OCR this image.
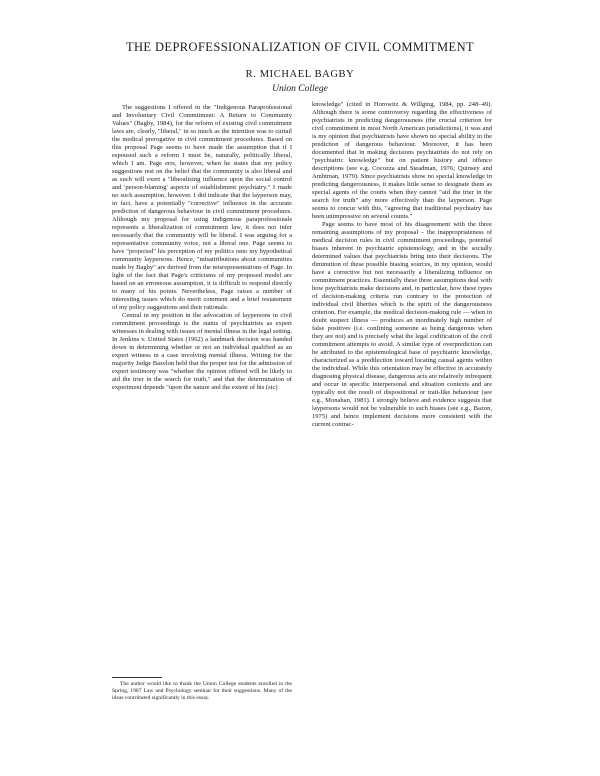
THE DEPROFESSIONALIZATION OF CIVIL COMMITMENT
R. MICHAEL BAGBY
Union College

The suggestions I offered in the "Indigenous Paraprofessional and Involuntary Civil Commitment: A Return to Community Values" (Bagby, 1984), for the reform of existing civil commitment laws are, clearly, "liberal," in so much as the intention was to curtail the medical prerogative in civil commitment procedures. Based on this proposal Page seems to have made the assumption that if I espoused such a reform I must be, naturally, politically liberal, which I am. Page errs, however, when he states that my policy suggestions rest on the belief that the community is also liberal and as such will exert a "liberalizing influence upon the social control and 'person-blaming' aspects of establishment psychiatry." I made no such assumption, however. I did indicate that the layperson may, in fact, have a potentially "corrective" influence in the accurate prediction of dangerous behaviour in civil commitment procedures. Although my proposal for using indigenous paraprofessionals represents a liberalization of commitment law, it does not infer necessarily that the community will be liberal. I was arguing for a representative community voice, not a liberal one. Page seems to have "projected" his perception of my politics onto my hypothetical community laypersons. Hence, "misattributions about communities made by Bagby" are derived from the misrepresentations of Page. In light of the fact that Page's criticisms of my proposed model are based on an erroneous assumption, it is difficult to respond directly to many of his points. Nevertheless, Page raises a number of interesting issues which do merit comment and a brief restatement of my policy suggestions and their rationale.

Central in my position in the advocation of laypersons in civil commitment proceedings is the status of psychiatrists as expert witnesses in dealing with issues of mental illness in the legal setting. In Jenkins v. United States (1962) a landmark decision was handed down in determining whether or not an individual qualified as an expert witness in a case involving mental illness. Writing for the majority Judge Bazelon held that the proper test for the admission of expert testimony was "whether the opinion offered will be likely to aid the trier in the search for truth," and that the determination of experiment depends "upon the nature and the extent of his (sic)

The author would like to thank the Union College students enrolled in the Spring, 1987 Law and Psychology seminar for their suggestions. Many of the ideas contributed significantly in this essay.

knowledge" (cited in Horowitz & Willging, 1984, pp. 248–49). Although there is some controversy regarding the effectiveness of psychiatrists in predicting dangerousness (the crucial criterion for civil commitment in most North American jurisdictions), it was and is my opinion that psychiatrists have shown no special ability in the prediction of dangerous behaviour. Moreover, it has been documented that in making decisions psychiatrists do not rely on "psychiatric knowledge" but on patient history and offence descriptions (see e.g. Cocozza and Steadman, 1976; Quinsey and Ambtman, 1979). Since psychiatrists show no special knowledge in predicting dangerousness, it makes little sense to designate them as special agents of the courts when they cannot "aid the trier in the search for truth" any more effectively than the layperson. Page seems to concur with this, "agreeing that traditional psychiatry has been unimpressive on several counts."

Page seems to have most of his disagreement with the three remaining assumptions of my proposal – the inappropriateness of medical decision rules in civil commitment proceedings, potential biases inherent in psychiatric epistemology, and in the socially determined values that psychiatrists bring into their decisions. The diminution of these possible biasing sources, in my opinion, would have a corrective but not necessarily a liberalizing influence on commitment practices. Essentially these three assumptions deal with how psychiatrists make decisions and, in particular, how these types of decision-making criteria run contrary to the protection of individual civil liberties which is the spirit of the dangerousness criterion. For example, the medical decision-making rule — when in doubt suspect illness — produces an inordinately high number of false positives (i.e. confining someone as being dangerous when they are not) and is precisely what the legal codification of the civil commitment attempts to avoid. A similar type of overprediction can be attributed to the epistemological base of psychiatric knowledge, characterized as a predilection toward locating causal agents within the individual. While this orientation may be effective in accurately diagnosing physical disease, dangerous acts are relatively infrequent and occur in specific interpersonal and situation contexts and are typically not the result of dispositional or trait-like behaviour (see e.g., Monahan, 1981). I strongly believe and evidence suggests that laypersons would not be vulnerable to such biases (see e.g., Bazon, 1975) and hence implement decisions more consistent with the current contrac-
